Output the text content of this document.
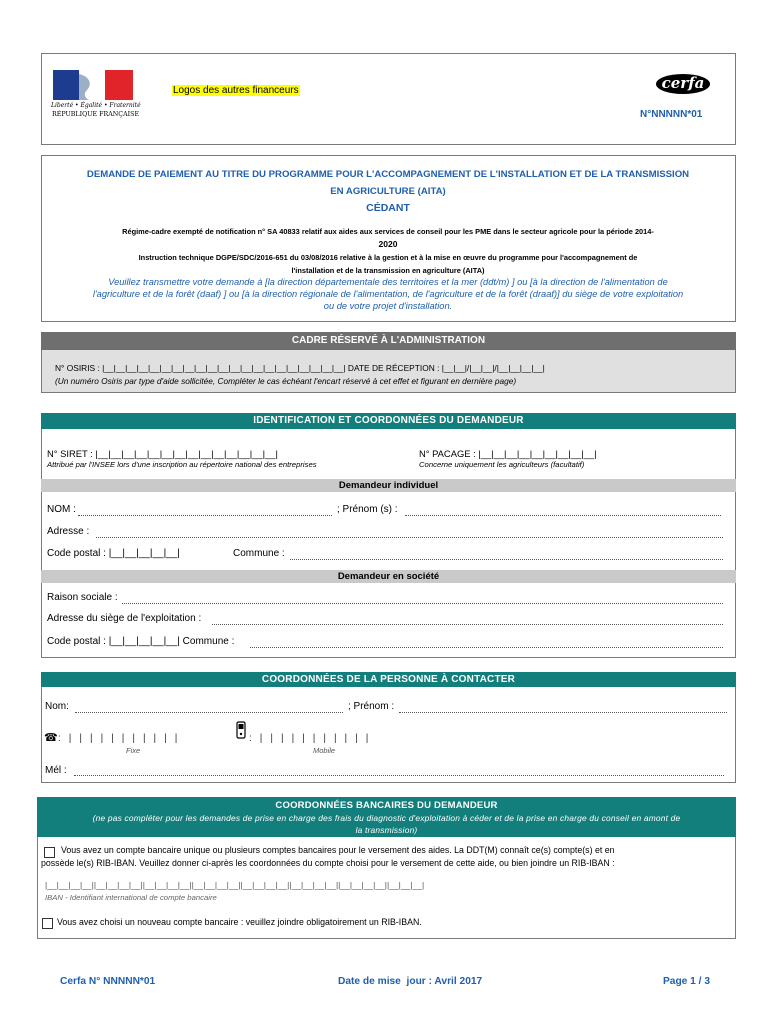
Liberté • Égalité • Fraternité
RÉPUBLIQUE FRANÇAISE
Logos des autres financeurs	cerfa
N°NNNNN*01
DEMANDE DE PAIEMENT AU TITRE DU PROGRAMME POUR L'ACCOMPAGNEMENT DE L'INSTALLATION ET DE LA TRANSMISSION
EN AGRICULTURE (AITA)
CÉDANT
Régime-cadre exempté de notification n° SA 40833 relatif aux aides aux services de conseil pour les PME dans le secteur agricole pour la période 2014-
2020
Instruction technique DGPE/SDC/2016-651 du 03/08/2016 relative à la gestion et à la mise en œuvre du programme pour l'accompagnement de
l'installation et de la transmission en agriculture (AITA)
Veuillez transmettre votre demande à [la direction départementale des territoires et la mer (ddt/m) ] ou [à la direction de l'alimentation de
l'agriculture et de la forêt (daaf) ] ou [à la direction régionale de l'alimentation, de l'agriculture et de la forêt (draaf)] du siège de votre exploitation
ou de votre projet d'installation.
CADRE RÉSERVÉ À L'ADMINISTRATION
N° OSIRIS : |__|__|__|__|__|__|__|__|__|__|__|__|__|__|__|__|__|__|__|__|__| DATE DE RÉCEPTION : |__|__|/|__|__|/|__|__|__|__|
(Un numéro Osiris par type d'aide sollicitée, Compléter le cas échéant l'encart réservé à cet effet et figurant en dernière page)
IDENTIFICATION ET COORDONNÉES DU DEMANDEUR
N° SIRET : |__|__|__|__|__|__|__|__|__|__|__|__|__|__|
Attribué par l'INSEE lors d'une inscription au répertoire national des entreprises
N° PACAGE : |__|__|__|__|__|__|__|__|__|
Concerne uniquement les agriculteurs (facultatif)
Demandeur individuel
NOM :	; Prénom (s) :
Adresse :
Code postal : |__|__|__|__|__|	Commune :
Demandeur en société
Raison sociale :
Adresse du siège de l'exploitation :
Code postal : |__|__|__|__|__| Commune :
COORDONNÉES DE LA PERSONNE À CONTACTER
Nom:	; Prénom :
☎ :|||||||||||
Fixe
:|||||||||||
Mobile
Mél :
COORDONNÉES BANCAIRES DU DEMANDEUR
(ne pas compléter pour les demandes de prise en charge des frais du diagnostic d'exploitation à céder et de la prise en charge du conseil en amont de
la transmission)
Vous avez un compte bancaire unique ou plusieurs comptes bancaires pour le versement des aides. La DDT(M) connaît ce(s) compte(s) et en
possède le(s) RIB-IBAN. Veuillez donner ci-après les coordonnées du compte choisi pour le versement de cette aide, ou bien joindre un RIB-IBAN :
|__|__|__|__||__|__|__|__||__|__|__|__||__|__|__|__||__|__|__|__||__|__|__|__||__|__|__|__||__|__|__|
IBAN - Identifiant international de compte bancaire
Vous avez choisi un nouveau compte bancaire : veuillez joindre obligatoirement un RIB-IBAN.
Cerfa N° NNNNN*01	Date de mise  jour : Avril 2017	Page 1 / 3
